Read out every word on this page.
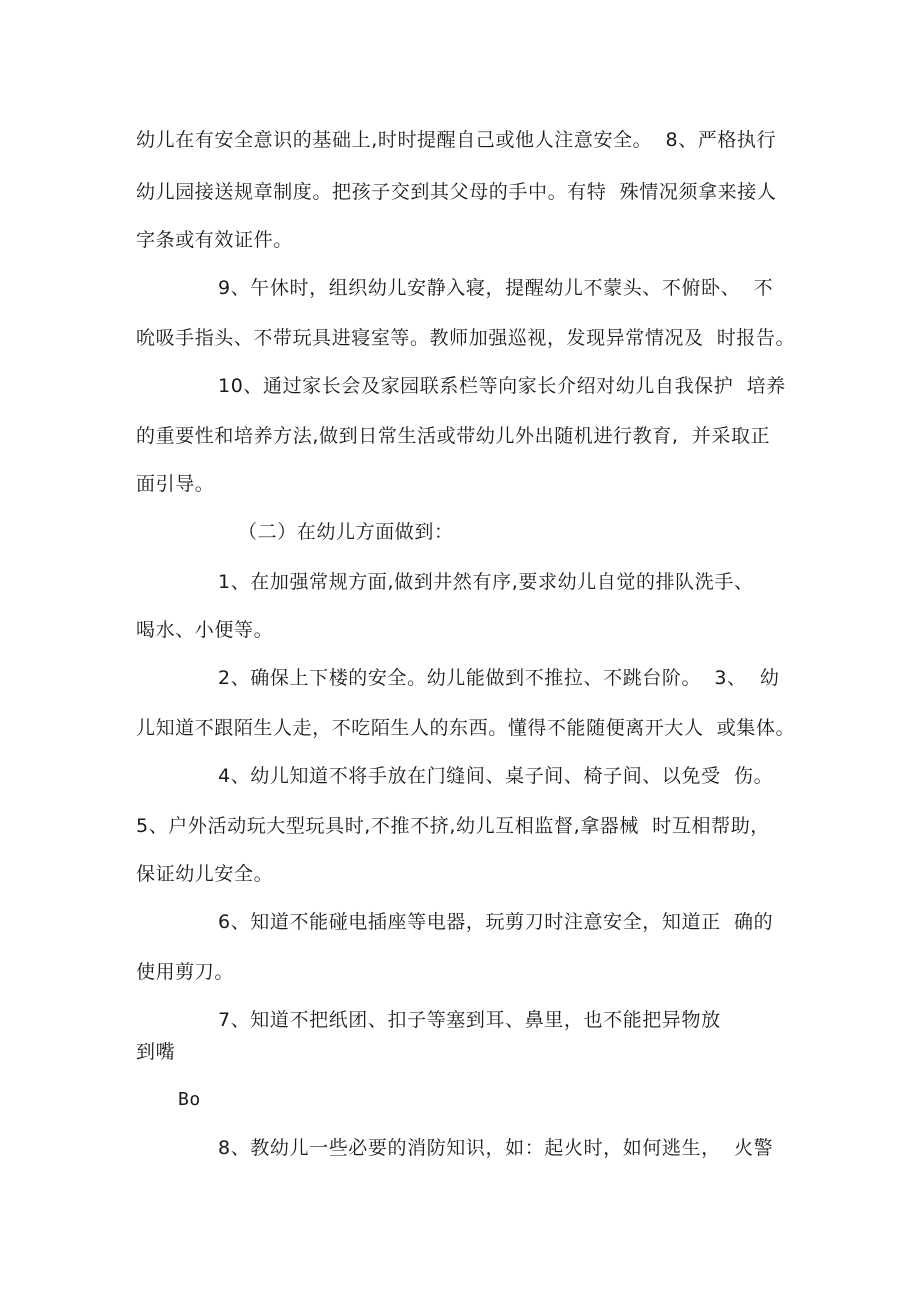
幼儿在有安全意识的基础上,时时提醒自己或他人注意安全。  8、严格执行
幼儿园接送规章制度。把孩子交到其父母的手中。有特  殊情况须拿来接人
字条或有效证件。
9、午休时，组织幼儿安静入寝，提醒幼儿不蒙头、不俯卧、  不
吮吸手指头、不带玩具进寝室等。教师加强巡视，发现异常情况及  时报告。
10、通过家长会及家园联系栏等向家长介绍对幼儿自我保护  培养
的重要性和培养方法,做到日常生活或带幼儿外出随机进行教育,  并采取正
面引导。
（二）在幼儿方面做到：
1、在加强常规方面,做到井然有序,要求幼儿自觉的排队洗手、
喝水、小便等。
2、确保上下楼的安全。幼儿能做到不推拉、不跳台阶。  3、  幼
儿知道不跟陌生人走，不吃陌生人的东西。懂得不能随便离开大人  或集体。
4、幼儿知道不将手放在门缝间、桌子间、椅子间、以免受  伤。
5、户外活动玩大型玩具时,不推不挤,幼儿互相监督,拿器械  时互相帮助，
保证幼儿安全。
6、知道不能碰电插座等电器，玩剪刀时注意安全，知道正  确的
使用剪刀。
7、知道不把纸团、扣子等塞到耳、鼻里，也不能把异物放
到嘴
Bo
8、教幼儿一些必要的消防知识，如：起火时，如何逃生，  火警
